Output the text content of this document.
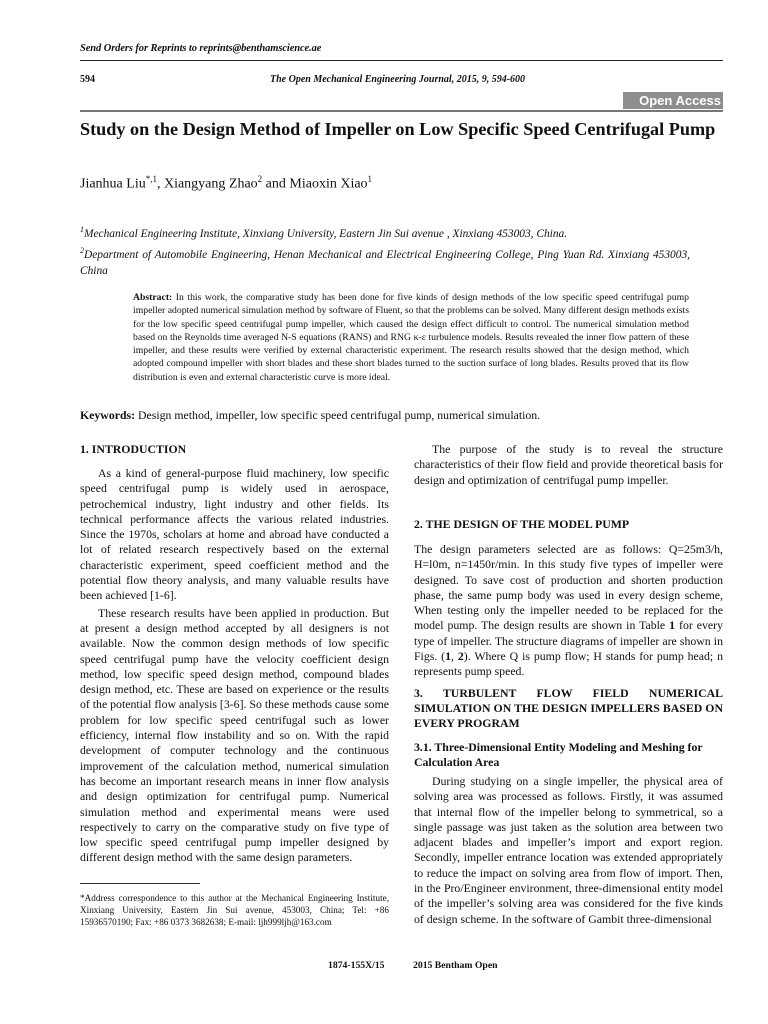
Send Orders for Reprints to reprints@benthamscience.ae
594	The Open Mechanical Engineering Journal, 2015, 9, 594-600
Open Access
Study on the Design Method of Impeller on Low Specific Speed Centrifugal Pump
Jianhua Liu$^{*,1}$, Xiangyang Zhao$^2$ and Miaoxin Xiao$^1$
$^1$Mechanical Engineering Institute, Xinxiang University, Eastern Jin Sui avenue , Xinxiang 453003, China.
$^2$Department of Automobile Engineering, Henan Mechanical and Electrical Engineering College, Ping Yuan Rd. Xinxiang 453003, China
Abstract: In this work, the comparative study has been done for five kinds of design methods of the low specific speed centrifugal pump impeller adopted numerical simulation method by software of Fluent, so that the problems can be solved. Many different design methods exists for the low specific speed centrifugal pump impeller, which caused the design effect difficult to control. The numerical simulation method based on the Reynolds time averaged N-S equations (RANS) and RNG κ-ε turbulence models. Results revealed the inner flow pattern of these impeller, and these results were verified by external characteristic experiment. The research results showed that the design method, which adopted compound impeller with short blades and these short blades turned to the suction surface of long blades. Results proved that its flow distribution is even and external characteristic curve is more ideal.
Keywords: Design method, impeller, low specific speed centrifugal pump, numerical simulation.
1. INTRODUCTION

As a kind of general-purpose fluid machinery, low specific speed centrifugal pump is widely used in aerospace, petrochemical industry, light industry and other fields. Its technical performance affects the various related industries. Since the 1970s, scholars at home and abroad have conducted a lot of related research respectively based on the external characteristic experiment, speed coefficient method and the potential flow theory analysis, and many valuable results have been achieved [1-6].

These research results have been applied in production. But at present a design method accepted by all designers is not available. Now the common design methods of low specific speed centrifugal pump have the velocity coefficient design method, low specific speed design method, compound blades design method, etc. These are based on experience or the results of the potential flow analysis [3-6]. So these methods cause some problem for low specific speed centrifugal such as lower efficiency, internal flow instability and so on. With the rapid development of computer technology and the continuous improvement of the calculation method, numerical simulation has become an important research means in inner flow analysis and design optimization for centrifugal pump. Numerical simulation method and experimental means were used respectively to carry on the comparative study on five type of low specific speed centrifugal pump impeller designed by different design method with the same design parameters.

The purpose of the study is to reveal the structure characteristics of their flow field and provide theoretical basis for design and optimization of centrifugal pump impeller.

2. THE DESIGN OF THE MODEL PUMP

The design parameters selected are as follows: Q=25m3/h, H=l0m, n=1450r/min. In this study five types of impeller were designed. To save cost of production and shorten production phase, the same pump body was used in every design scheme, When testing only the impeller needed to be replaced for the model pump. The design results are shown in Table 1 for every type of impeller. The structure diagrams of impeller are shown in Figs. (1, 2). Where Q is pump flow; H stands for pump head; n represents pump speed.

3. TURBULENT FLOW FIELD NUMERICAL SIMULATION ON THE DESIGN IMPELLERS BASED ON EVERY PROGRAM
3.1. Three-Dimensional Entity Modeling and Meshing for Calculation Area

During studying on a single impeller, the physical area of solving area was processed as follows. Firstly, it was assumed that internal flow of the impeller belong to symmetrical, so a single passage was just taken as the solution area between two adjacent blades and impeller’s import and export region. Secondly, impeller entrance location was extended appropriately to reduce the impact on solving area from flow of import. Then, in the Pro/Engineer environment, three-dimensional entity model of the impeller’s solving area was considered for the five kinds of design scheme. In the software of Gambit three-dimensional

*Address correspondence to this author at the Mechanical Engineering Institute, Xinxiang University, Eastern Jin Sui avenue, 453003, China; Tel: +86 15936570190; Fax: +86 0373 3682638; E-mail: ljh999ljh@163.com
1874-155X/15	2015 Bentham Open
